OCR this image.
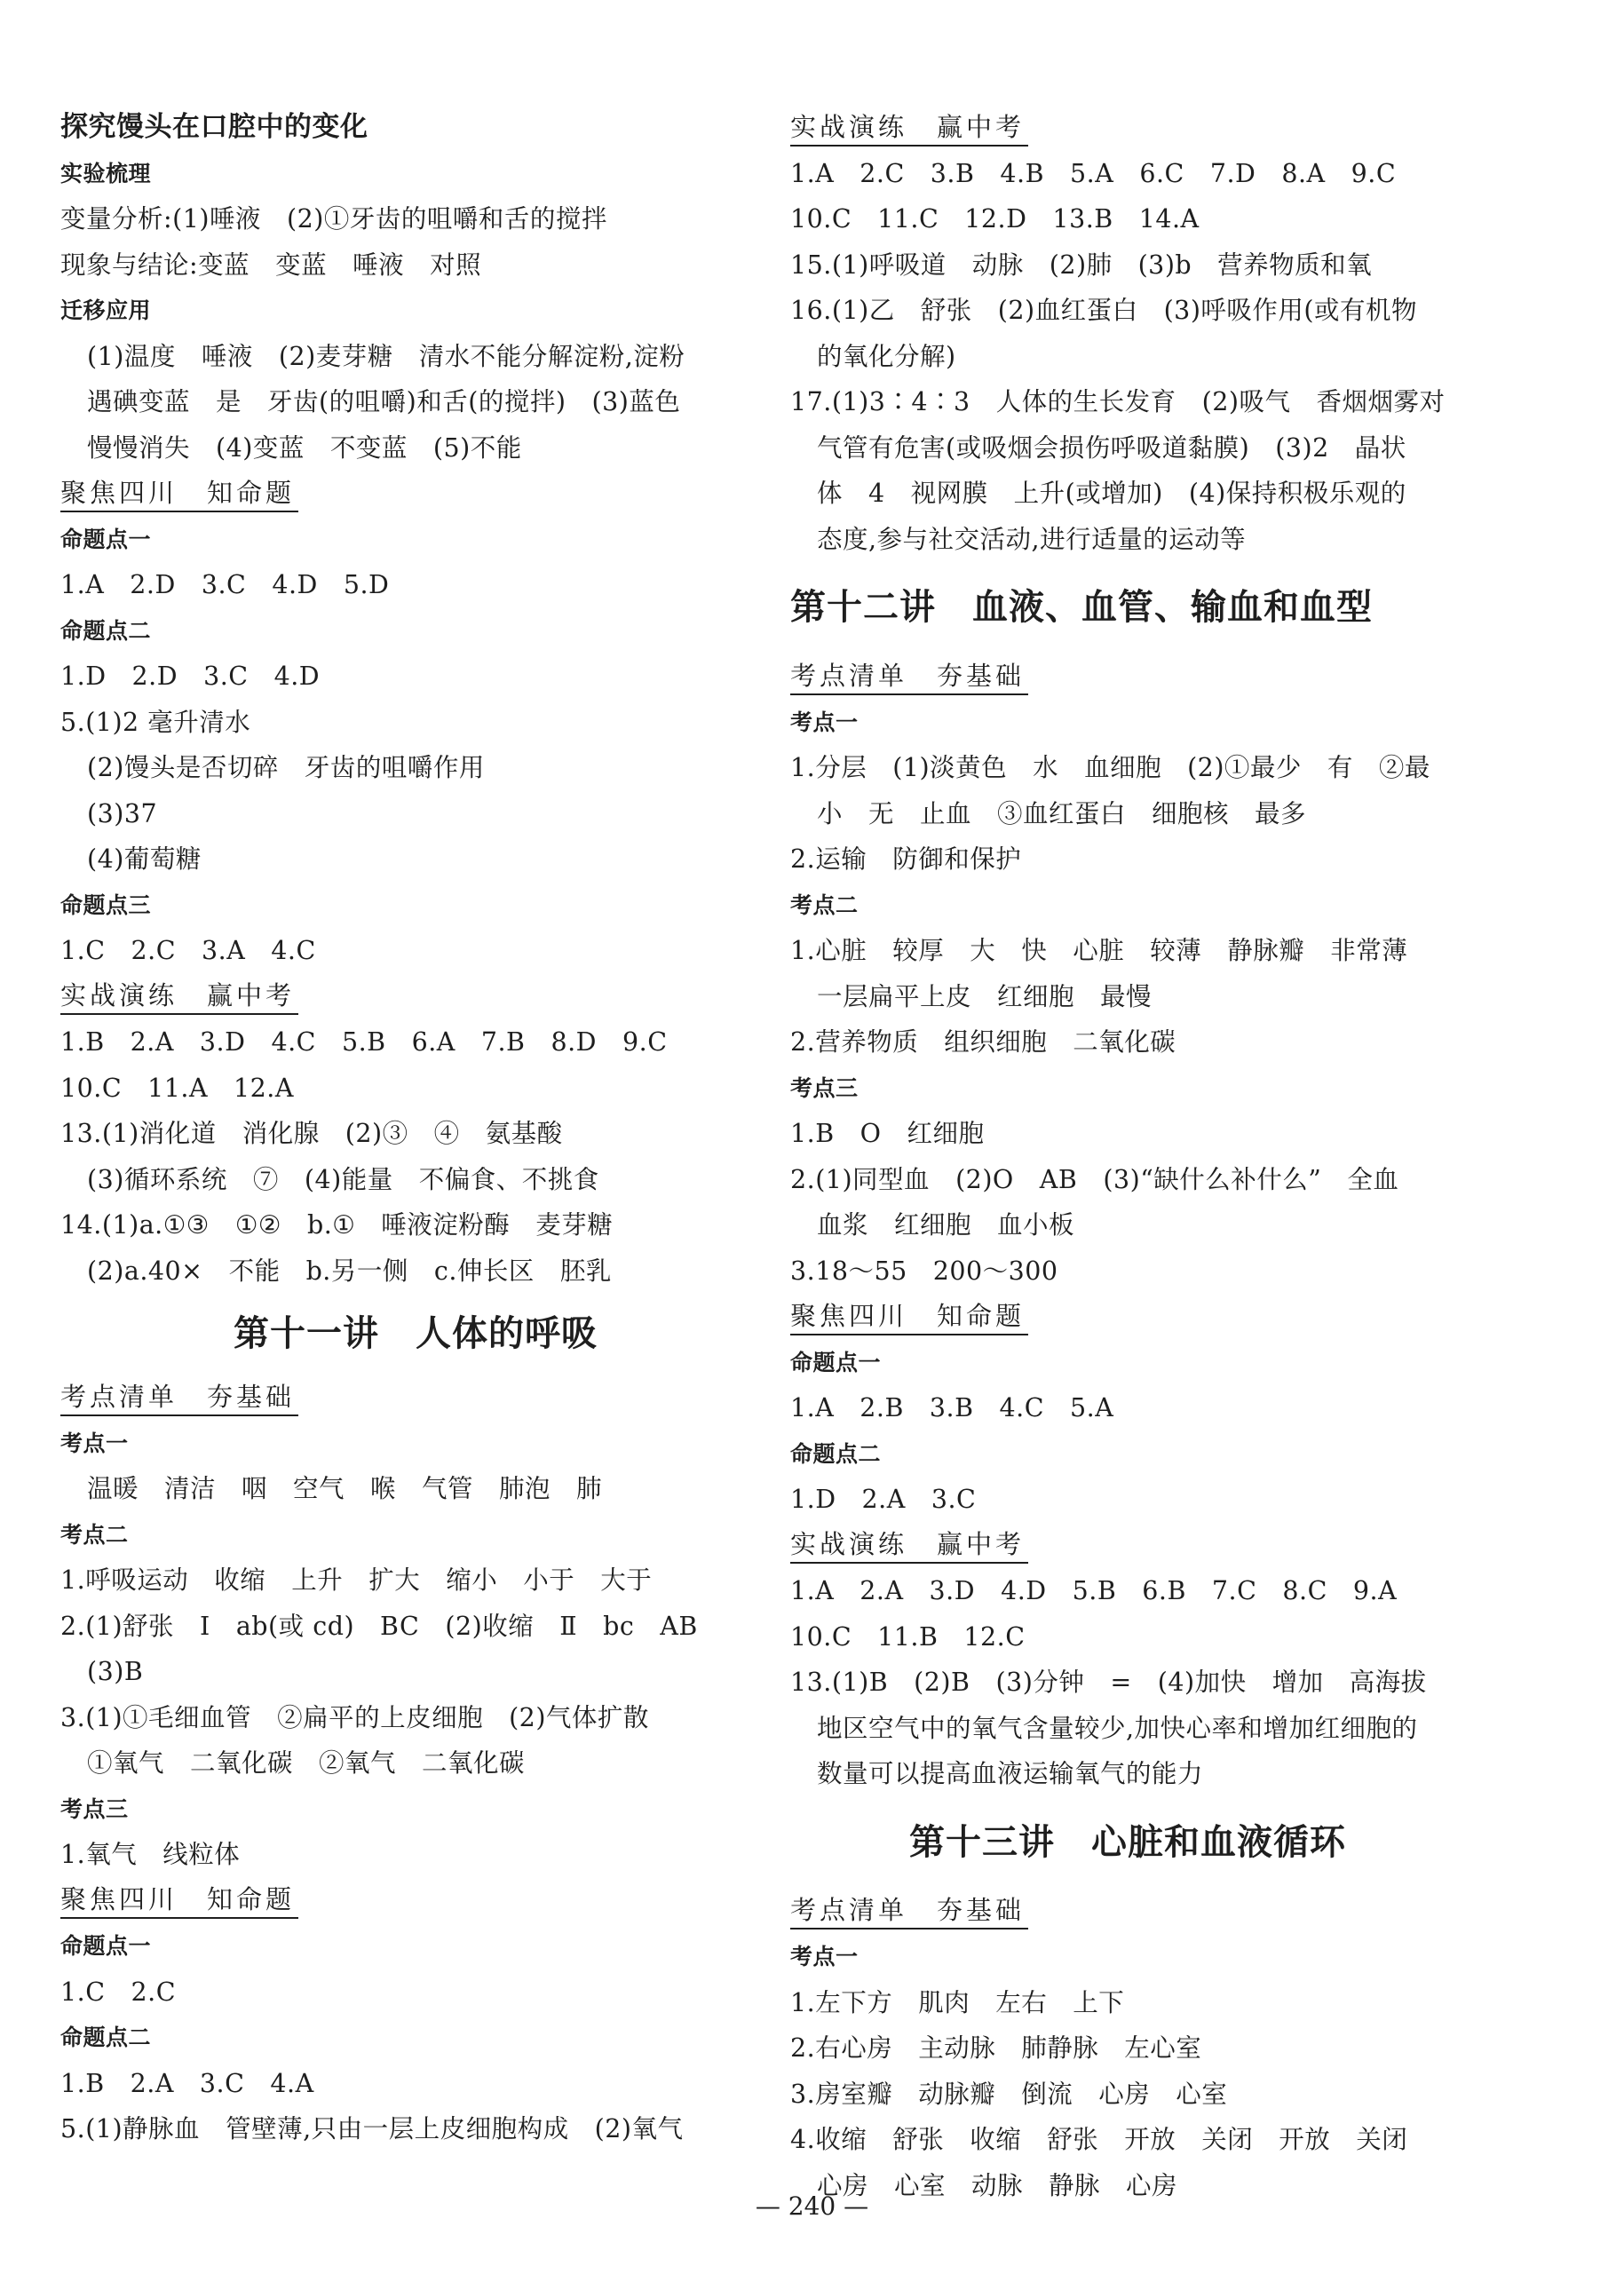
探究馒头在口腔中的变化
实验梳理
变量分析:(1)唾液　(2)①牙齿的咀嚼和舌的搅拌
现象与结论:变蓝　变蓝　唾液　对照
迁移应用
(1)温度　唾液　(2)麦芽糖　清水不能分解淀粉,淀粉
遇碘变蓝　是　牙齿(的咀嚼)和舌(的搅拌)　(3)蓝色
慢慢消失　(4)变蓝　不变蓝　(5)不能
聚焦四川　知命题
命题点一
1.A　2.D　3.C　4.D　5.D
命题点二
1.D　2.D　3.C　4.D
5.(1)2 毫升清水
(2)馒头是否切碎　牙齿的咀嚼作用
(3)37
(4)葡萄糖
命题点三
1.C　2.C　3.A　4.C
实战演练　赢中考
1.B　2.A　3.D　4.C　5.B　6.A　7.B　8.D　9.C
10.C　11.A　12.A
13.(1)消化道　消化腺　(2)③　④　氨基酸
(3)循环系统　⑦　(4)能量　不偏食、不挑食
14.(1)a.①③　①②　b.①　唾液淀粉酶　麦芽糖
(2)a.40×　不能　b.另一侧　c.伸长区　胚乳
第十一讲　人体的呼吸
考点清单　夯基础
考点一
温暖　清洁　咽　空气　喉　气管　肺泡　肺
考点二
1.呼吸运动　收缩　上升　扩大　缩小　小于　大于
2.(1)舒张　Ⅰ　ab(或 cd)　BC　(2)收缩　Ⅱ　bc　AB
(3)B
3.(1)①毛细血管　②扁平的上皮细胞　(2)气体扩散
①氧气　二氧化碳　②氧气　二氧化碳
考点三
1.氧气　线粒体
聚焦四川　知命题
命题点一
1.C　2.C
命题点二
1.B　2.A　3.C　4.A
5.(1)静脉血　管壁薄,只由一层上皮细胞构成　(2)氧气
实战演练　赢中考
1.A　2.C　3.B　4.B　5.A　6.C　7.D　8.A　9.C
10.C　11.C　12.D　13.B　14.A
15.(1)呼吸道　动脉　(2)肺　(3)b　营养物质和氧
16.(1)乙　舒张　(2)血红蛋白　(3)呼吸作用(或有机物
的氧化分解)
17.(1)3∶4∶3　人体的生长发育　(2)吸气　香烟烟雾对
气管有危害(或吸烟会损伤呼吸道黏膜)　(3)2　晶状
体　4　视网膜　上升(或增加)　(4)保持积极乐观的
态度,参与社交活动,进行适量的运动等
第十二讲　血液、血管、输血和血型
考点清单　夯基础
考点一
1.分层　(1)淡黄色　水　血细胞　(2)①最少　有　②最
小　无　止血　③血红蛋白　细胞核　最多
2.运输　防御和保护
考点二
1.心脏　较厚　大　快　心脏　较薄　静脉瓣　非常薄
一层扁平上皮　红细胞　最慢
2.营养物质　组织细胞　二氧化碳
考点三
1.B　O　红细胞
2.(1)同型血　(2)O　AB　(3)“缺什么补什么”　全血
血浆　红细胞　血小板
3.18～55　200～300
聚焦四川　知命题
命题点一
1.A　2.B　3.B　4.C　5.A
命题点二
1.D　2.A　3.C
实战演练　赢中考
1.A　2.A　3.D　4.D　5.B　6.B　7.C　8.C　9.A
10.C　11.B　12.C
13.(1)B　(2)B　(3)分钟　=　(4)加快　增加　高海拔
地区空气中的氧气含量较少,加快心率和增加红细胞的
数量可以提高血液运输氧气的能力
第十三讲　心脏和血液循环
考点清单　夯基础
考点一
1.左下方　肌肉　左右　上下
2.右心房　主动脉　肺静脉　左心室
3.房室瓣　动脉瓣　倒流　心房　心室
4.收缩　舒张　收缩　舒张　开放　关闭　开放　关闭
心房　心室　动脉　静脉　心房
— 240 —
